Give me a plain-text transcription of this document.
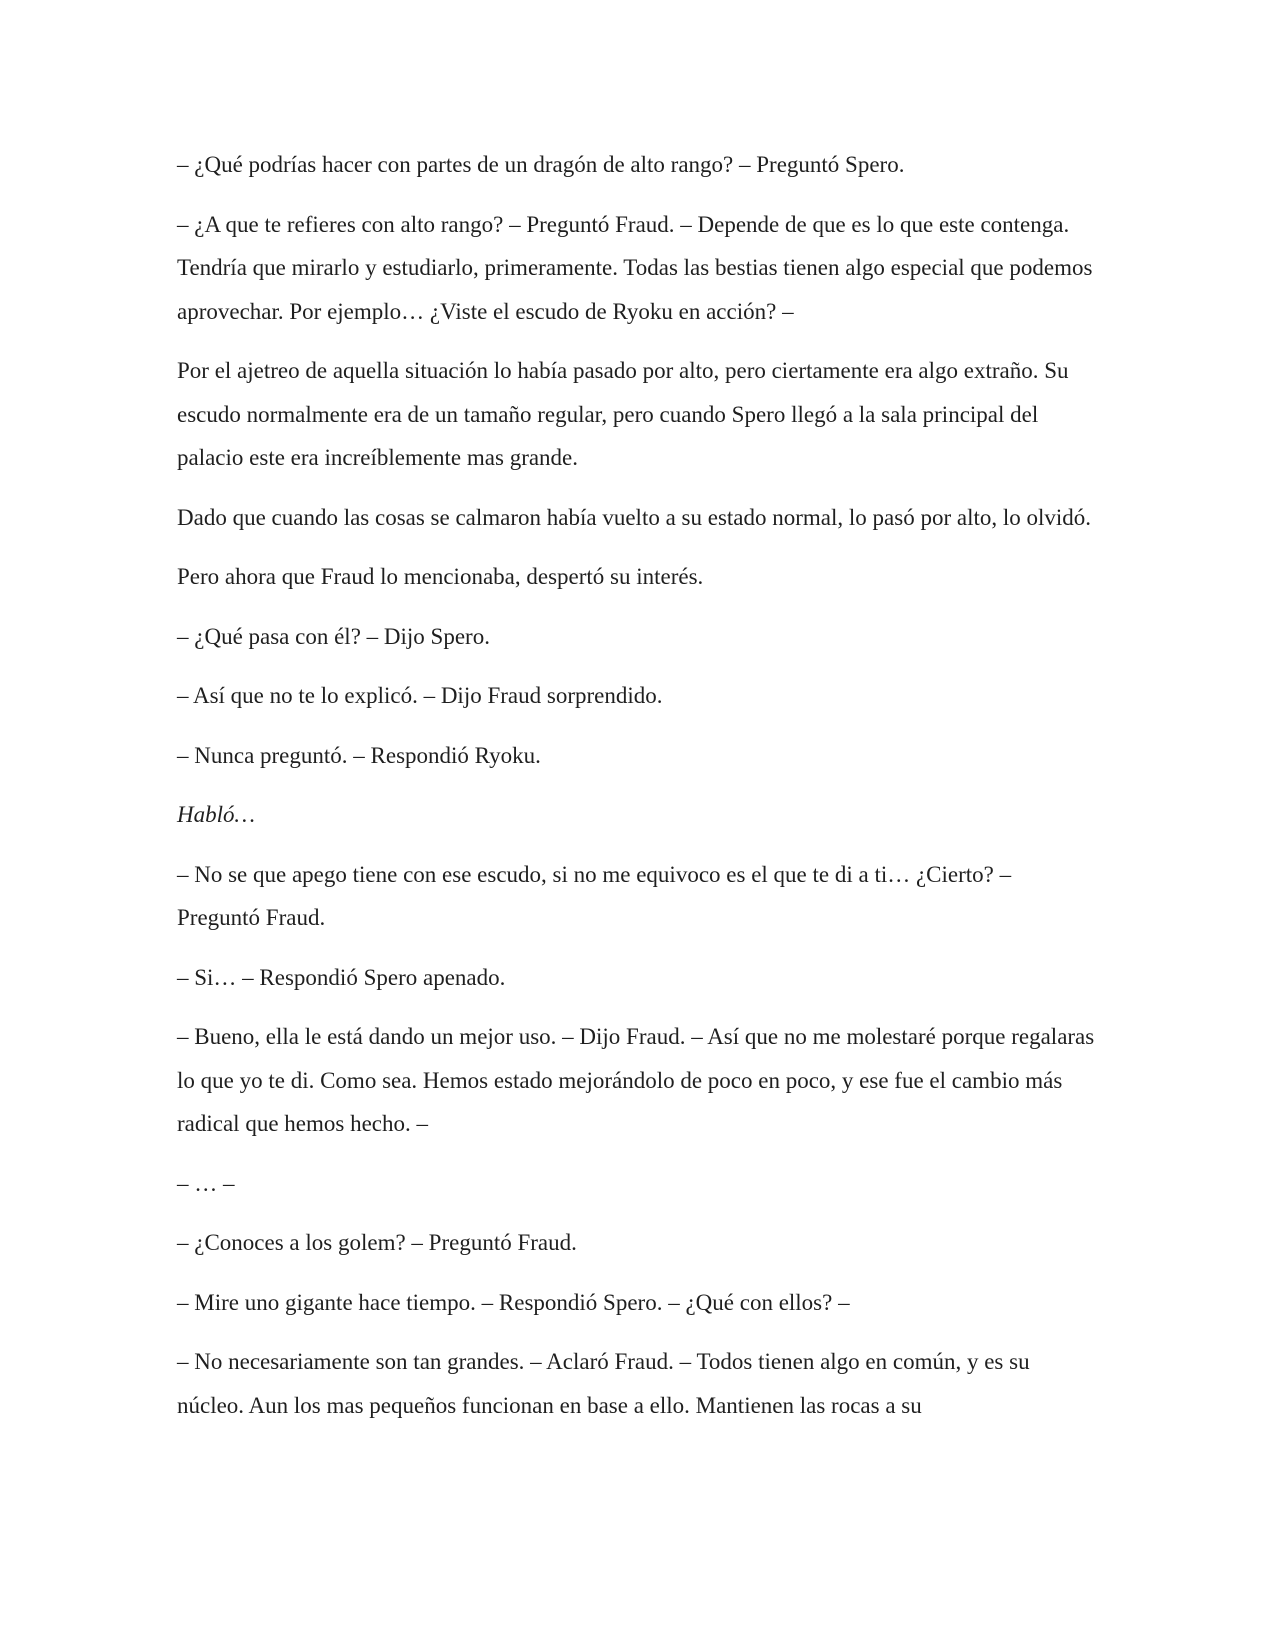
– ¿Qué podrías hacer con partes de un dragón de alto rango? – Preguntó Spero.

– ¿A que te refieres con alto rango? – Preguntó Fraud. – Depende de que es lo que este contenga. Tendría que mirarlo y estudiarlo, primeramente. Todas las bestias tienen algo especial que podemos aprovechar. Por ejemplo… ¿Viste el escudo de Ryoku en acción? –

Por el ajetreo de aquella situación lo había pasado por alto, pero ciertamente era algo extraño. Su escudo normalmente era de un tamaño regular, pero cuando Spero llegó a la sala principal del palacio este era increíblemente mas grande.

Dado que cuando las cosas se calmaron había vuelto a su estado normal, lo pasó por alto, lo olvidó.

Pero ahora que Fraud lo mencionaba, despertó su interés.

– ¿Qué pasa con él? – Dijo Spero.

– Así que no te lo explicó. – Dijo Fraud sorprendido.

– Nunca preguntó. – Respondió Ryoku.

Habló…

– No se que apego tiene con ese escudo, si no me equivoco es el que te di a ti… ¿Cierto? – Preguntó Fraud.

– Si… – Respondió Spero apenado.

– Bueno, ella le está dando un mejor uso. – Dijo Fraud. – Así que no me molestaré porque regalaras lo que yo te di. Como sea. Hemos estado mejorándolo de poco en poco, y ese fue el cambio más radical que hemos hecho. –

– … –

– ¿Conoces a los golem? – Preguntó Fraud.

– Mire uno gigante hace tiempo. – Respondió Spero. – ¿Qué con ellos? –

– No necesariamente son tan grandes. – Aclaró Fraud. – Todos tienen algo en común, y es su núcleo. Aun los mas pequeños funcionan en base a ello. Mantienen las rocas a su
